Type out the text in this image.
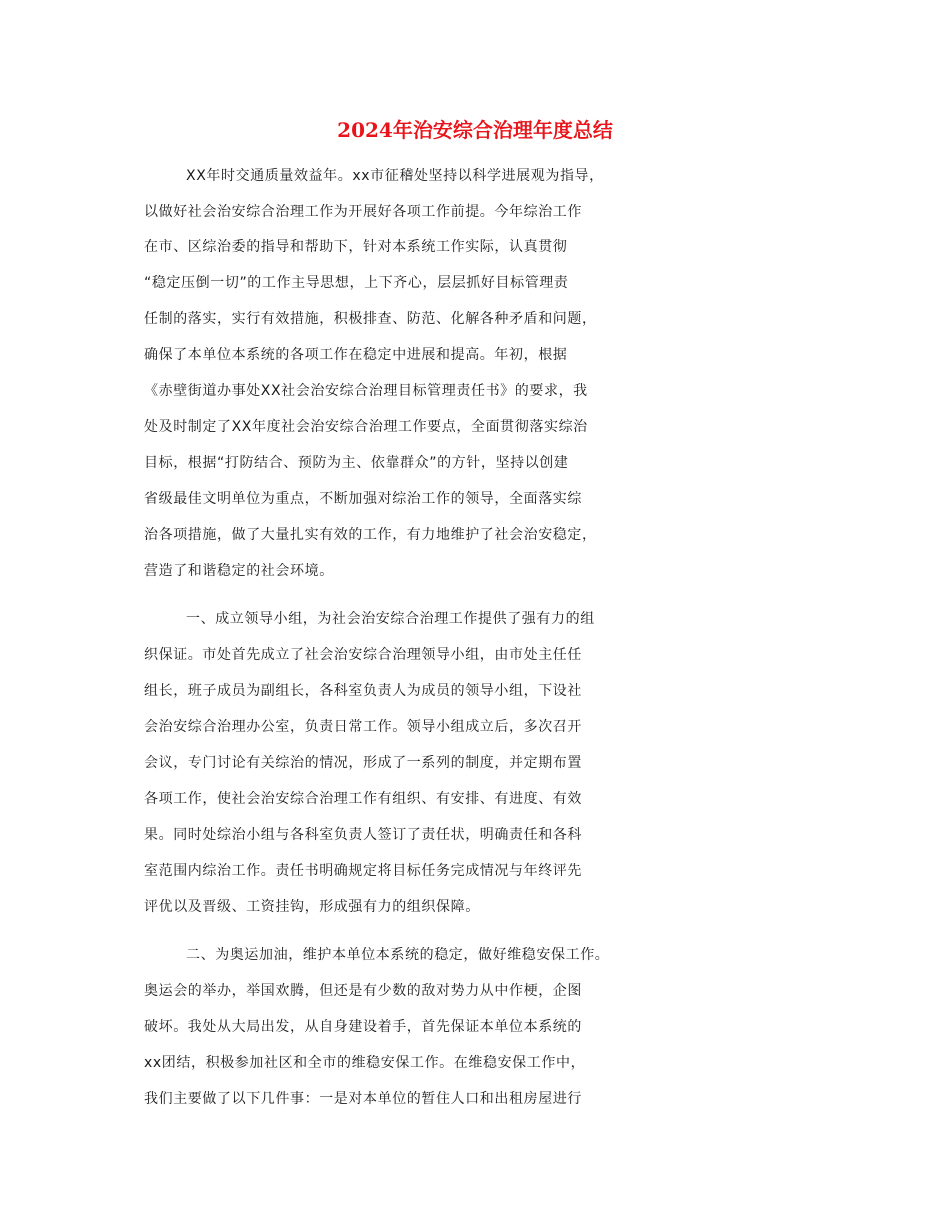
2024年治安综合治理年度总结
XX年时交通质量效益年。xx市征稽处坚持以科学进展观为指导，
以做好社会治安综合治理工作为开展好各项工作前提。今年综治工作
在市、区综治委的指导和帮助下，针对本系统工作实际，认真贯彻
“稳定压倒一切”的工作主导思想，上下齐心，层层抓好目标管理责
任制的落实，实行有效措施，积极排查、防范、化解各种矛盾和问题，
确保了本单位本系统的各项工作在稳定中进展和提高。年初，根据
《赤壁街道办事处XX社会治安综合治理目标管理责任书》的要求，我
处及时制定了XX年度社会治安综合治理工作要点，全面贯彻落实综治
目标，根据“打防结合、预防为主、依靠群众”的方针，坚持以创建
省级最佳文明单位为重点，不断加强对综治工作的领导，全面落实综
治各项措施，做了大量扎实有效的工作，有力地维护了社会治安稳定，
营造了和谐稳定的社会环境。
一、成立领导小组，为社会治安综合治理工作提供了强有力的组
织保证。市处首先成立了社会治安综合治理领导小组，由市处主任任
组长，班子成员为副组长，各科室负责人为成员的领导小组，下设社
会治安综合治理办公室，负责日常工作。领导小组成立后，多次召开
会议，专门讨论有关综治的情况，形成了一系列的制度，并定期布置
各项工作，使社会治安综合治理工作有组织、有安排、有进度、有效
果。同时处综治小组与各科室负责人签订了责任状，明确责任和各科
室范围内综治工作。责任书明确规定将目标任务完成情况与年终评先
评优以及晋级、工资挂钩，形成强有力的组织保障。
二、为奥运加油，维护本单位本系统的稳定，做好维稳安保工作。
奥运会的举办，举国欢腾，但还是有少数的敌对势力从中作梗，企图
破坏。我处从大局出发，从自身建设着手，首先保证本单位本系统的
xx团结，积极参加社区和全市的维稳安保工作。在维稳安保工作中，
我们主要做了以下几件事：一是对本单位的暂住人口和出租房屋进行
